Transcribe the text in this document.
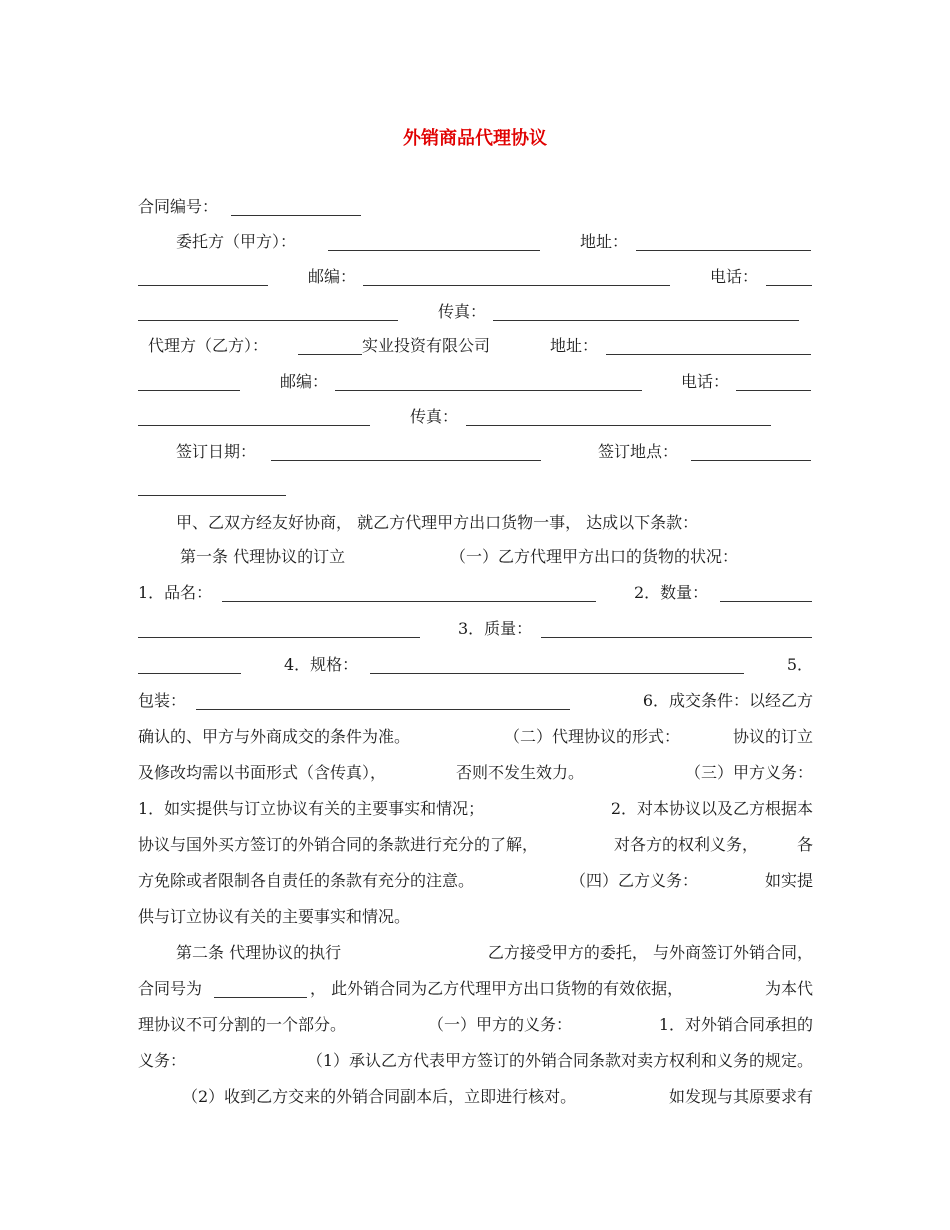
外销商品代理协议
合同编号：
委托方（甲方）：	地址：
邮编：	电话：
传真：
代理方（乙方）：	实业投资有限公司	地址：
邮编：	电话：
传真：
签订日期：	签订地点：
甲、乙双方经友好协商， 就乙方代理甲方出口货物一事， 达成以下条款：
第一条 代理协议的订立	（一）乙方代理甲方出口的货物的状况：
1．品名：	2．数量：
3．质量：
4．规格：	5．
包装：	6．成交条件：以经乙方
确认的、甲方与外商成交的条件为准。	（二）代理协议的形式：	协议的订立
及修改均需以书面形式（含传真），	否则不发生效力。	（三）甲方义务：
1．如实提供与订立协议有关的主要事实和情况；	2．对本协议以及乙方根据本
协议与国外买方签订的外销合同的条款进行充分的了解，	对各方的权利义务， 各
方免除或者限制各自责任的条款有充分的注意。	（四）乙方义务：	如实提
供与订立协议有关的主要事实和情况。
第二条 代理协议的执行	乙方接受甲方的委托， 与外商签订外销合同，
合同号为	， 此外销合同为乙方代理甲方出口货物的有效依据，	为本代
理协议不可分割的一个部分。	（一）甲方的义务：	1．对外销合同承担的
义务：	（1）承认乙方代表甲方签订的外销合同条款对卖方权利和义务的规定。
（2）收到乙方交来的外销合同副本后，立即进行核对。	如发现与其原要求有
